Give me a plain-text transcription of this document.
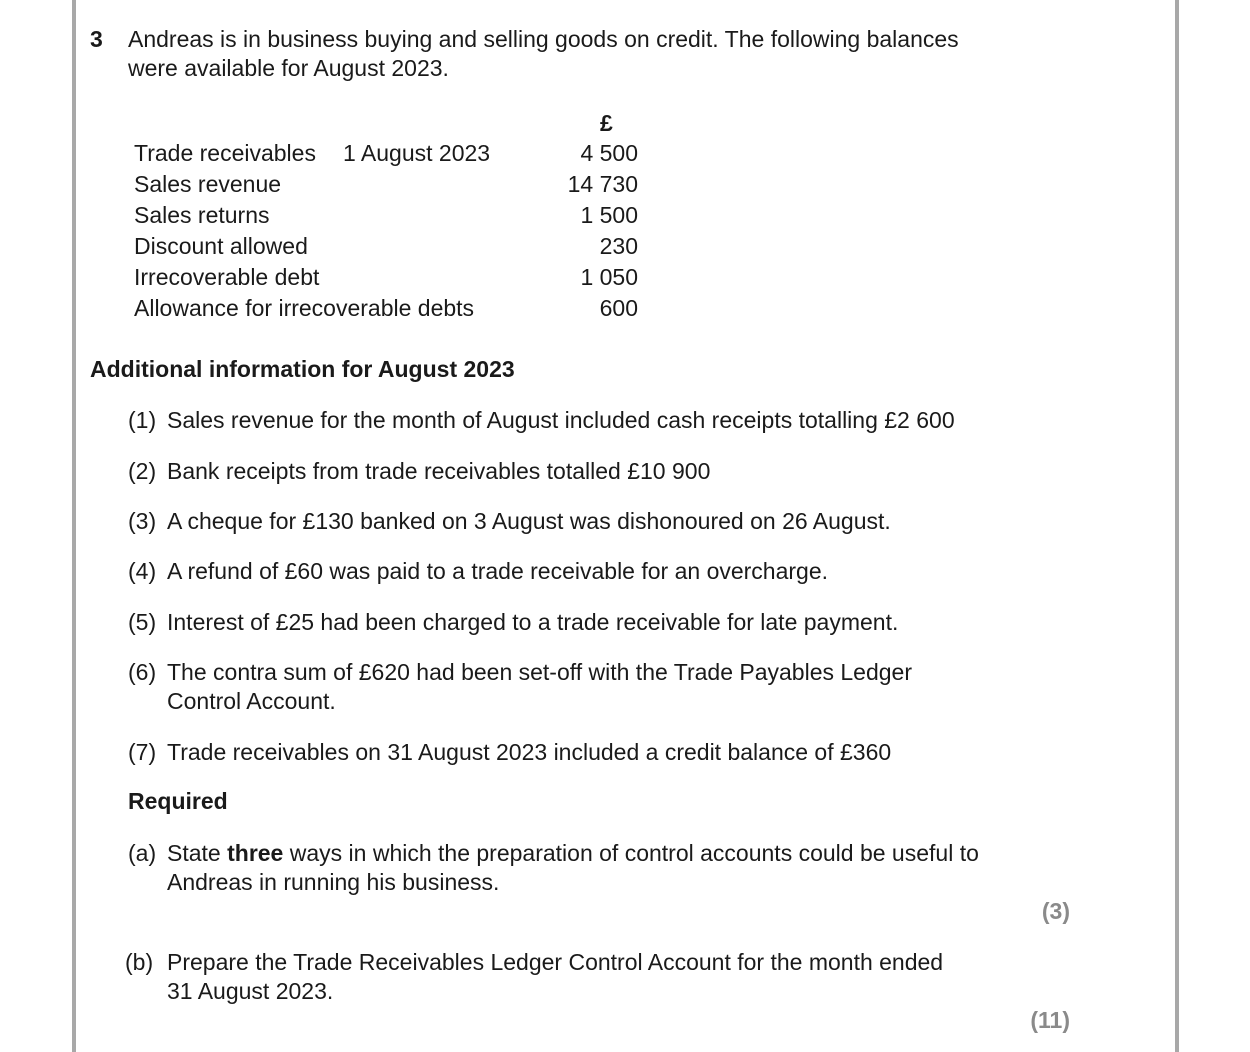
3 Andreas is in business buying and selling goods on credit. The following balances
were available for August 2023.
£
Trade receivables 1 August 2023	4 500
Sales revenue	14 730
Sales returns	1 500
Discount allowed	230
Irrecoverable debt	1 050
Allowance for irrecoverable debts	600
Additional information for August 2023
(1) Sales revenue for the month of August included cash receipts totalling £2 600
(2) Bank receipts from trade receivables totalled £10 900
(3) A cheque for £130 banked on 3 August was dishonoured on 26 August.
(4) A refund of £60 was paid to a trade receivable for an overcharge.
(5) Interest of £25 had been charged to a trade receivable for late payment.
(6) The contra sum of £620 had been set-off with the Trade Payables Ledger
Control Account.
(7) Trade receivables on 31 August 2023 included a credit balance of £360
Required
(a) State three ways in which the preparation of control accounts could be useful to
Andreas in running his business.
(3)
(b) Prepare the Trade Receivables Ledger Control Account for the month ended
31 August 2023.
(11)
